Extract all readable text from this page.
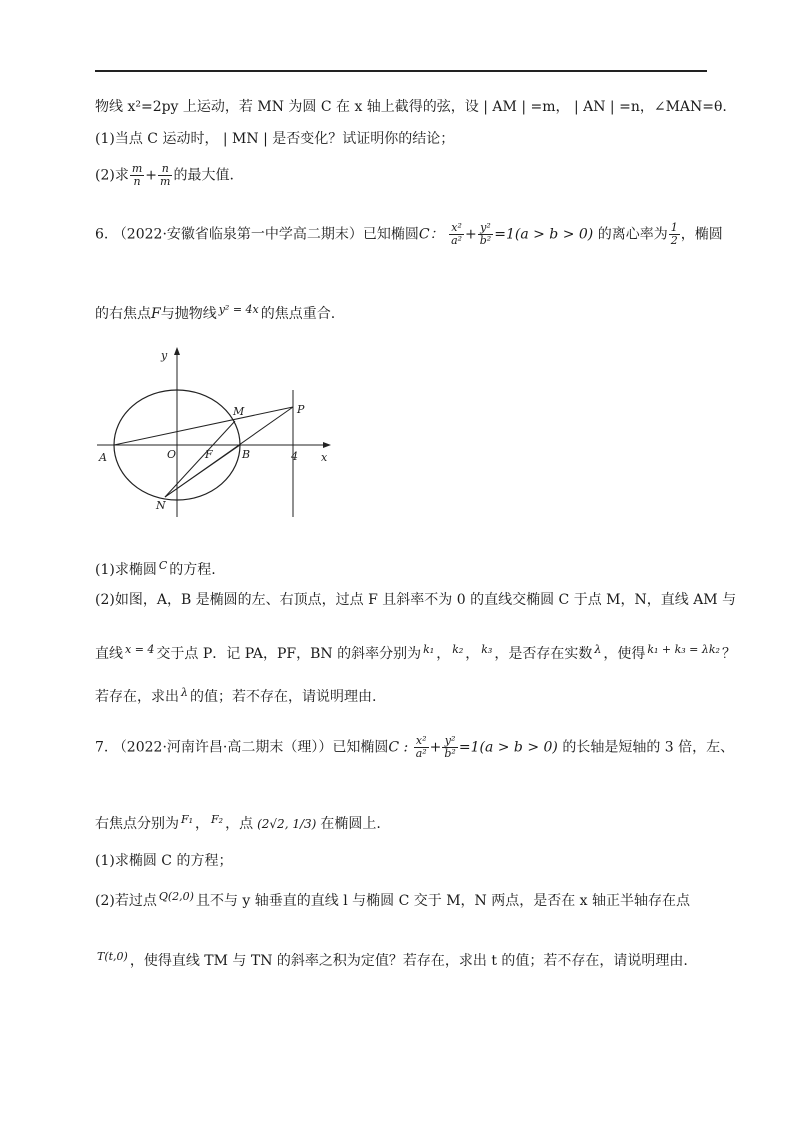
物线 x²=2py 上运动，若 MN 为圆 C 在 x 轴上截得的弦，设 | AM | =m， | AN | =n，∠MAN=θ.
(1)当点 C 运动时， | MN | 是否变化？试证明你的结论；
(2)求 $\frac{m}{n} + \frac{n}{m}$ 的最大值.
6. （2022·安徽省临泉第一中学高二期末）已知椭圆C： $\frac{\text{x²}}{\text{a²}} + \frac{\text{y²}}{\text{b²}} =1(a > b > 0)$ 的离心率为 $\frac{1}{2}$ ，椭圆
的右焦点F与抛物线 $^{y^2 = 4x}$ 的焦点重合.
y
x
A	O	F	B	4
M	P
N
(1)求椭圆 $^C$ 的方程.
(2)如图，A，B 是椭圆的左、右顶点，过点 F 且斜率不为 0 的直线交椭圆 C 于点 M，N，直线 AM 与
直线 $^{x = 4}$ 交于点 P．记 PA，PF，BN 的斜率分别为 $^{k_1}$ ， $^{k_2}$ ， $^{k_3}$ ，是否存在实数 $^\lambda$ ，使得 $^{k_1 + k_3 = \lambda k_2}$ ？
若存在，求出 $^\lambda$ 的值；若不存在，请说明理由.
7. （2022·河南许昌·高二期末（理））已知椭圆C : $\frac{\text{x²}}{\text{a²}} + \frac{\text{y²}}{\text{b²}} =1(a > b > 0)$ 的长轴是短轴的 3 倍，左、
右焦点分别为 $^{F_1}$ ， $^{F_2}$ ，点 (2√2, 1/3) 在椭圆上.
(1)求椭圆 C 的方程；
(2)若过点 $^{Q(2,0)}$ 且不与 y 轴垂直的直线 l 与椭圆 C 交于 M，N 两点，是否在 x 轴正半轴存在点
$^{T(t,0)}$ ，使得直线 TM 与 TN 的斜率之积为定值？若存在，求出 t 的值；若不存在，请说明理由.
